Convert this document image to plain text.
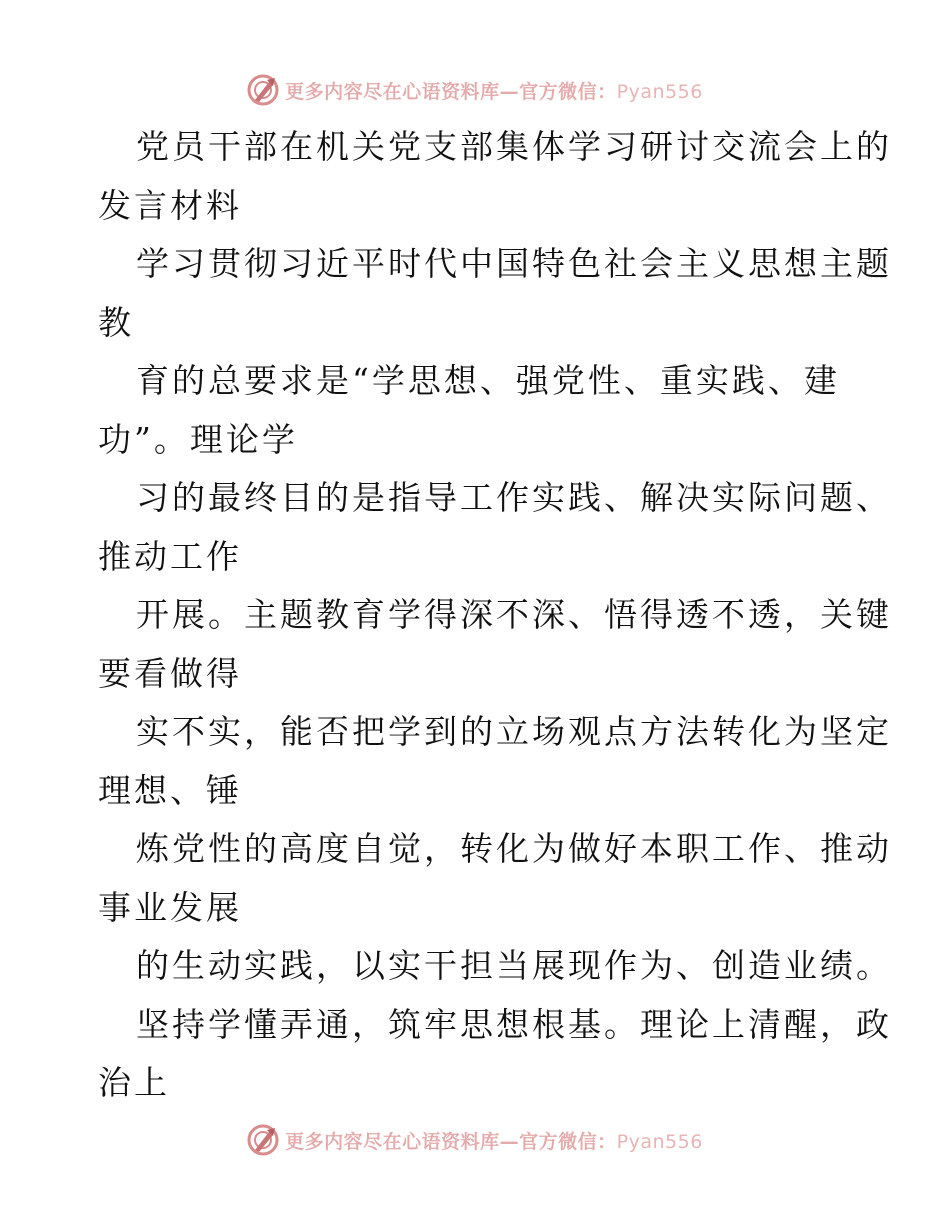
更多内容尽在心语资料库—官方微信：Pyan556
党员干部在机关党支部集体学习研讨交流会上的
发言材料
学习贯彻习近平时代中国特色社会主义思想主题
教
育的总要求是“学思想、强党性、重实践、建
功”。理论学
习的最终目的是指导工作实践、解决实际问题、
推动工作
开展。主题教育学得深不深、悟得透不透，关键
要看做得
实不实，能否把学到的立场观点方法转化为坚定
理想、锤
炼党性的高度自觉，转化为做好本职工作、推动
事业发展
的生动实践，以实干担当展现作为、创造业绩。
坚持学懂弄通，筑牢思想根基。理论上清醒，政
治上
更多内容尽在心语资料库—官方微信：Pyan556
